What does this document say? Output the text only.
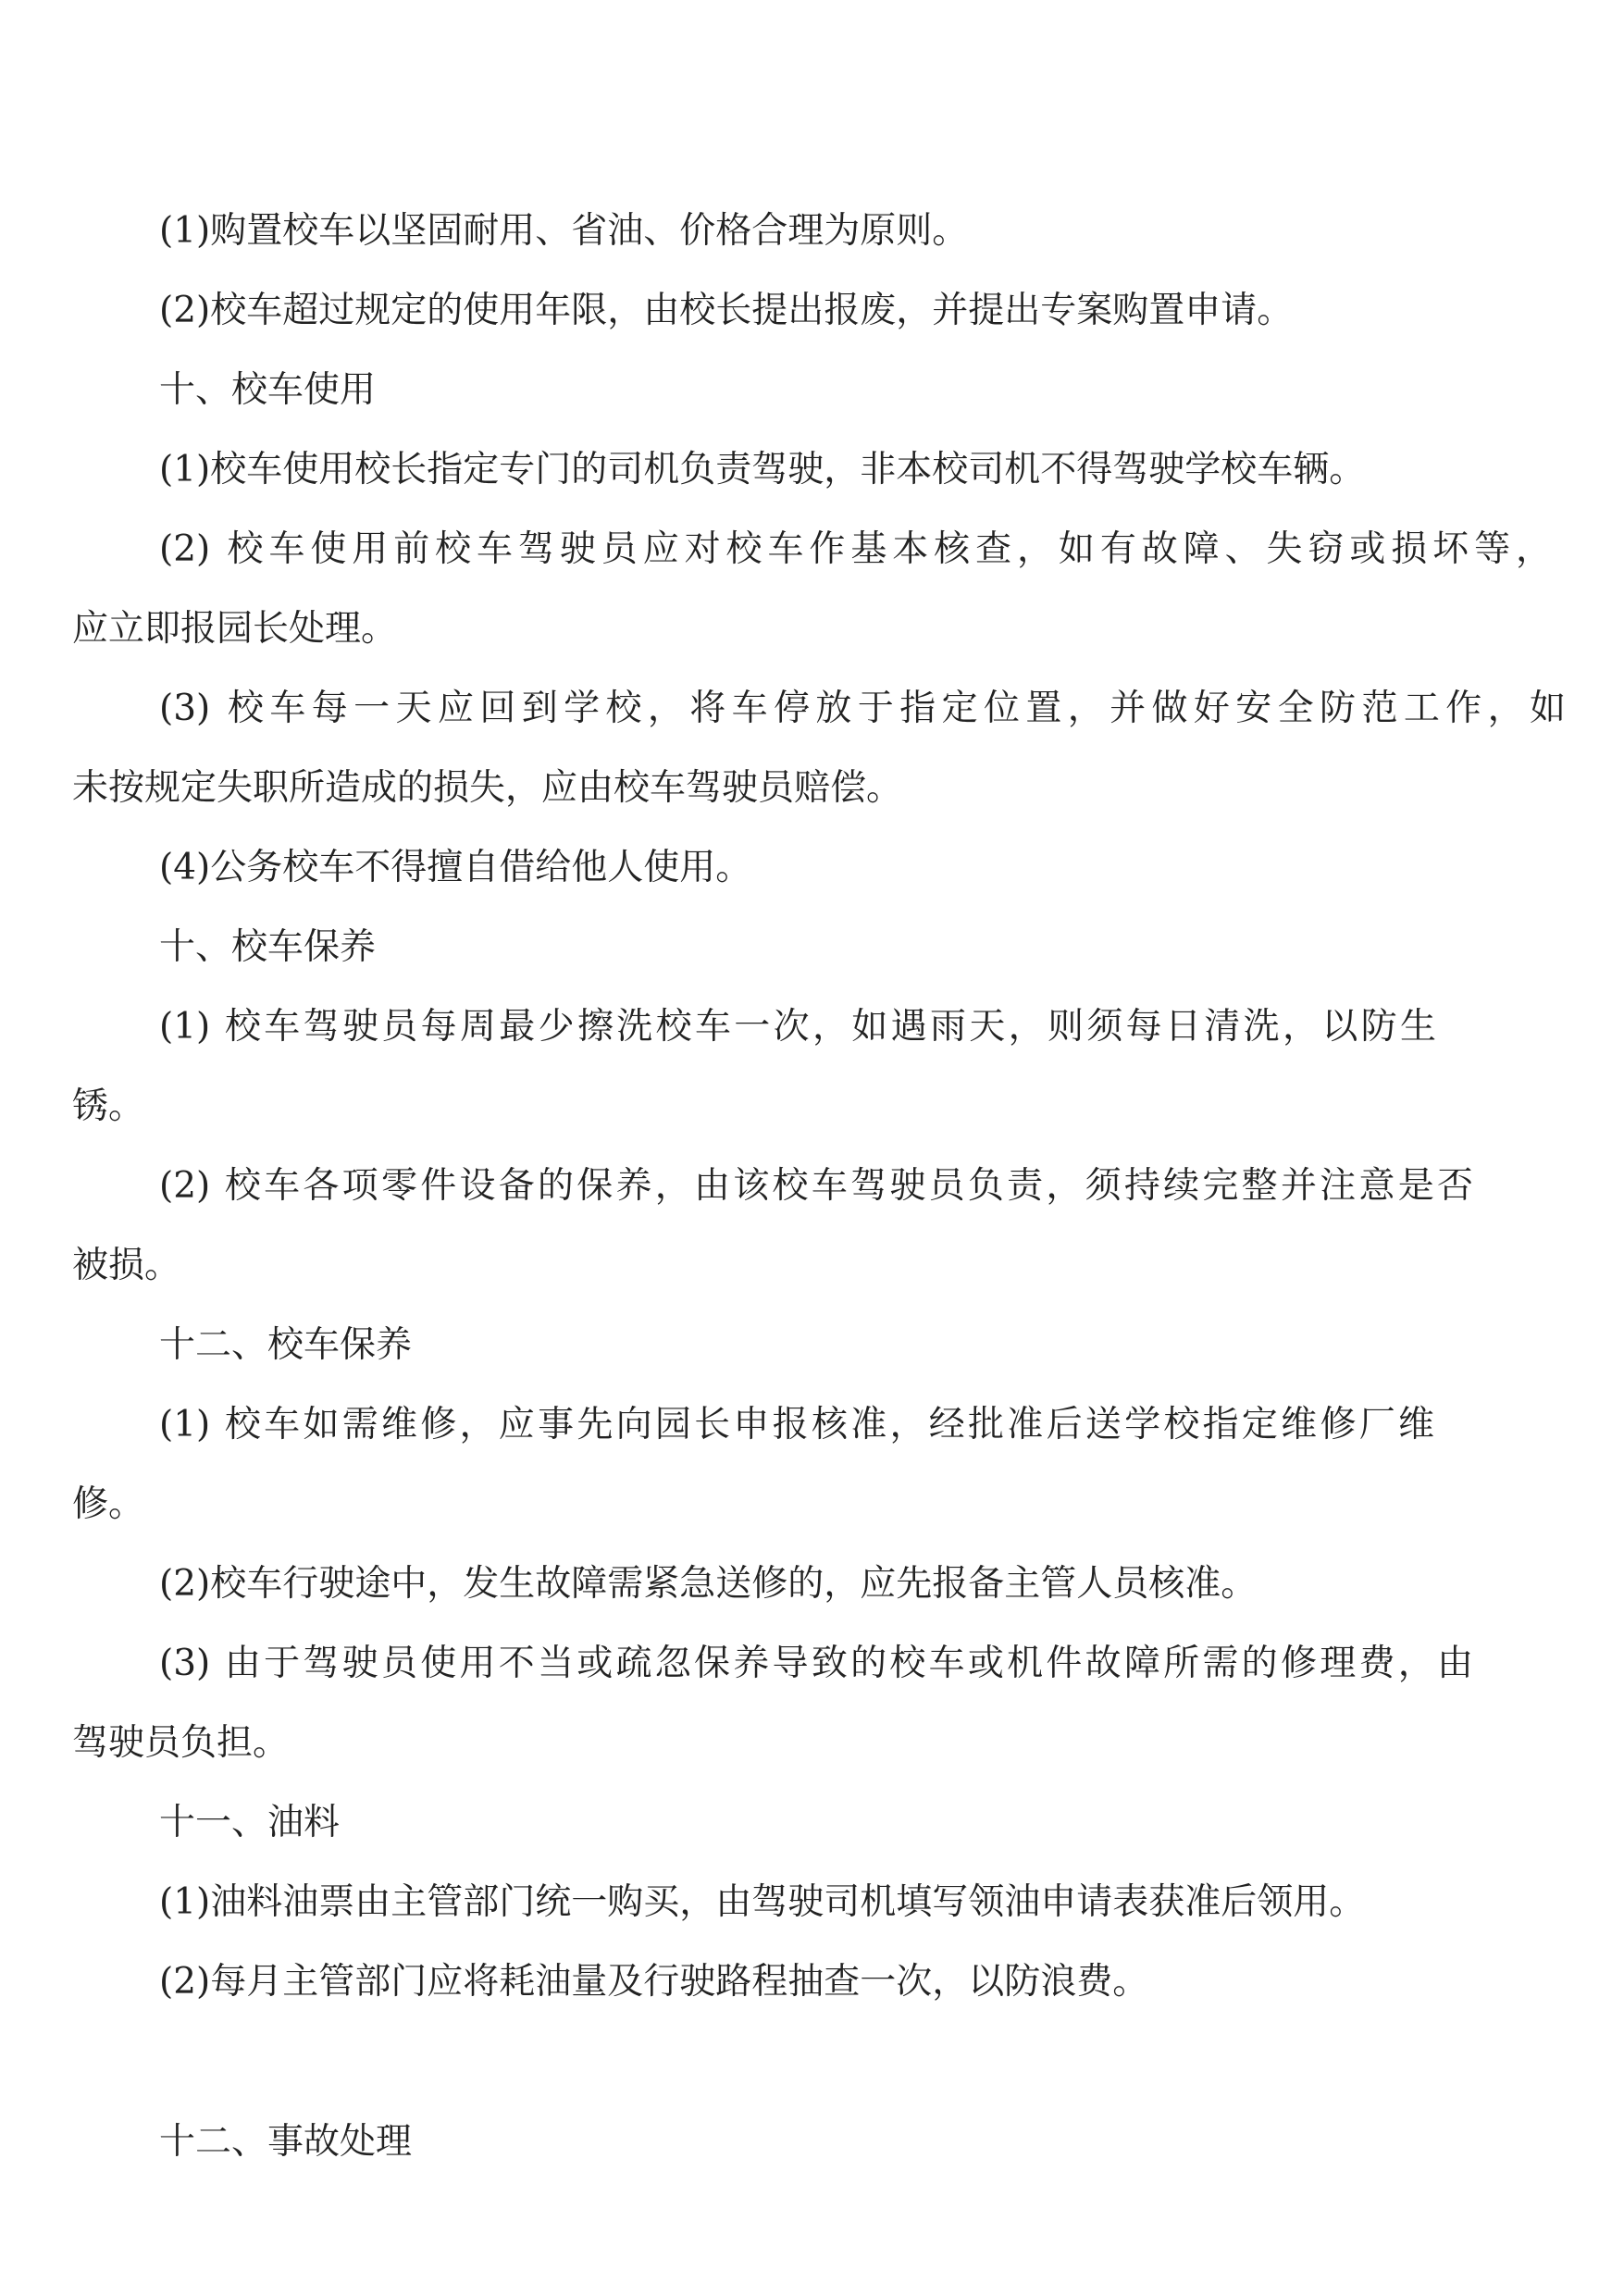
(1)购置校车以坚固耐用、省油、价格合理为原则。

(2)校车超过规定的使用年限，由校长提出报废，并提出专案购置申请。

十、校车使用

(1)校车使用校长指定专门的司机负责驾驶，非本校司机不得驾驶学校车辆。

(2) 校车使用前校车驾驶员应对校车作基本核查，如有故障、失窃或损坏等，

应立即报园长处理。

(3) 校车每一天应回到学校，将车停放于指定位置，并做好安全防范工作，如

未按规定失职所造成的损失，应由校车驾驶员赔偿。

(4)公务校车不得擅自借给他人使用。

十、校车保养

(1) 校车驾驶员每周最少擦洗校车一次，如遇雨天，则须每日清洗，以防生

锈。

(2) 校车各项零件设备的保养，由该校车驾驶员负责，须持续完整并注意是否

被损。

十二、校车保养

(1) 校车如需维修，应事先向园长申报核准，经批准后送学校指定维修厂维

修。

(2)校车行驶途中，发生故障需紧急送修的，应先报备主管人员核准。

(3) 由于驾驶员使用不当或疏忽保养导致的校车或机件故障所需的修理费，由

驾驶员负担。

十一、油料

(1)油料油票由主管部门统一购买，由驾驶司机填写领油申请表获准后领用。

(2)每月主管部门应将耗油量及行驶路程抽查一次，以防浪费。

十二、事故处理
